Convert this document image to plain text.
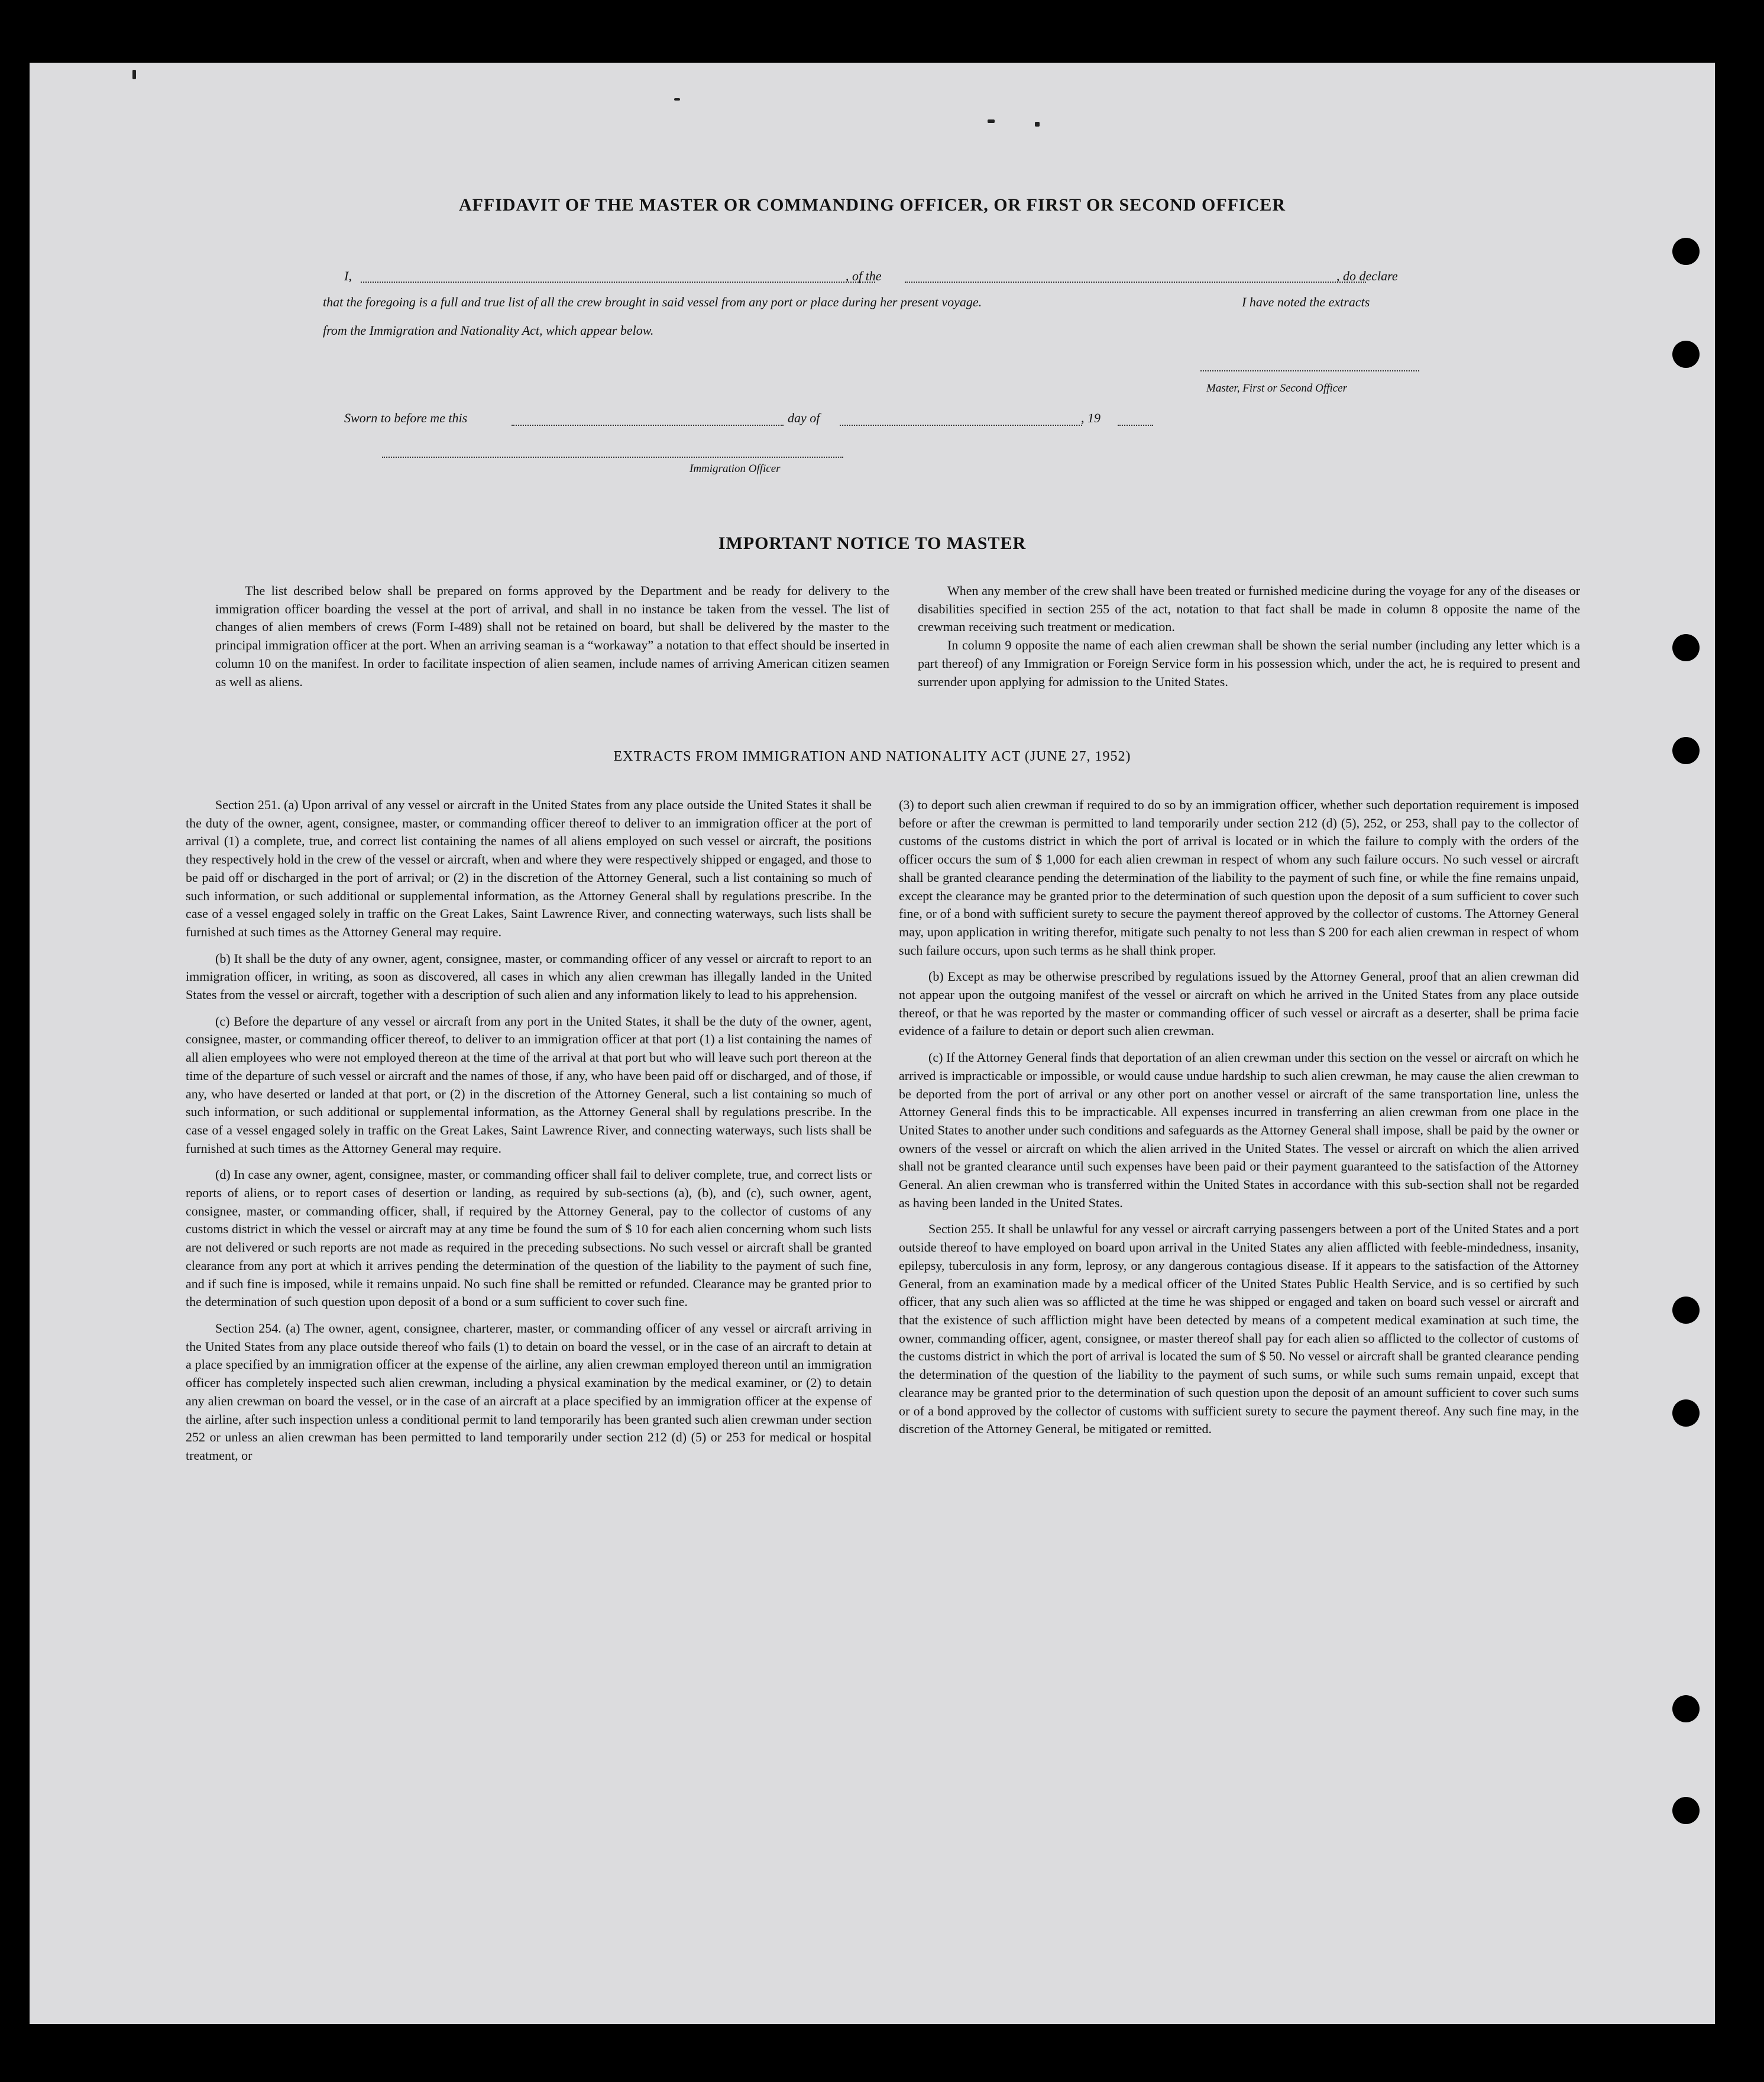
AFFIDAVIT OF THE MASTER OR COMMANDING OFFICER, OR FIRST OR SECOND OFFICER
I,	, of the	, do declare
that the foregoing is a full and true list of all the crew brought in said vessel from any port or place during her present voyage.	I have noted the extracts
from the Immigration and Nationality Act, which appear below.
Master, First or Second Officer
Sworn to before me this	day of	, 19
Immigration Officer
IMPORTANT NOTICE TO MASTER

The list described below shall be prepared on forms approved by the Department and be ready for delivery to the immigration officer boarding the vessel at the port of arrival, and shall in no instance be taken from the vessel. The list of changes of alien members of crews (Form I-489) shall not be retained on board, but shall be delivered by the master to the principal immigration officer at the port. When an arriving seaman is a “workaway” a notation to that effect should be inserted in column 10 on the manifest. In order to facilitate inspection of alien seamen, include names of arriving American citizen seamen as well as aliens.

When any member of the crew shall have been treated or furnished medicine during the voyage for any of the diseases or disabilities specified in section 255 of the act, notation to that fact shall be made in column 8 opposite the name of the crewman receiving such treatment or medication.

In column 9 opposite the name of each alien crewman shall be shown the serial number (including any letter which is a part thereof) of any Immigration or Foreign Service form in his possession which, under the act, he is required to present and surrender upon applying for admission to the United States.

EXTRACTS FROM IMMIGRATION AND NATIONALITY ACT (JUNE 27, 1952)

Section 251. (a) Upon arrival of any vessel or aircraft in the United States from any place outside the United States it shall be the duty of the owner, agent, consignee, master, or commanding officer thereof to deliver to an immigration officer at the port of arrival (1) a complete, true, and correct list containing the names of all aliens employed on such vessel or aircraft, the positions they respectively hold in the crew of the vessel or aircraft, when and where they were respectively shipped or engaged, and those to be paid off or discharged in the port of arrival; or (2) in the discretion of the Attorney General, such a list containing so much of such information, or such additional or supplemental information, as the Attorney General shall by regulations prescribe. In the case of a vessel engaged solely in traffic on the Great Lakes, Saint Lawrence River, and connecting waterways, such lists shall be furnished at such times as the Attorney General may require.

(b) It shall be the duty of any owner, agent, consignee, master, or commanding officer of any vessel or aircraft to report to an immigration officer, in writing, as soon as discovered, all cases in which any alien crewman has illegally landed in the United States from the vessel or aircraft, together with a description of such alien and any information likely to lead to his apprehension.

(c) Before the departure of any vessel or aircraft from any port in the United States, it shall be the duty of the owner, agent, consignee, master, or commanding officer thereof, to deliver to an immigration officer at that port (1) a list containing the names of all alien employees who were not employed thereon at the time of the arrival at that port but who will leave such port thereon at the time of the departure of such vessel or aircraft and the names of those, if any, who have been paid off or discharged, and of those, if any, who have deserted or landed at that port, or (2) in the discretion of the Attorney General, such a list containing so much of such information, or such additional or supplemental information, as the Attorney General shall by regulations prescribe. In the case of a vessel engaged solely in traffic on the Great Lakes, Saint Lawrence River, and connecting waterways, such lists shall be furnished at such times as the Attorney General may require.

(d) In case any owner, agent, consignee, master, or commanding officer shall fail to deliver complete, true, and correct lists or reports of aliens, or to report cases of desertion or landing, as required by sub-sections (a), (b), and (c), such owner, agent, consignee, master, or commanding officer, shall, if required by the Attorney General, pay to the collector of customs of any customs district in which the vessel or aircraft may at any time be found the sum of $ 10 for each alien concerning whom such lists are not delivered or such reports are not made as required in the preceding subsections. No such vessel or aircraft shall be granted clearance from any port at which it arrives pending the determination of the question of the liability to the payment of such fine, and if such fine is imposed, while it remains unpaid. No such fine shall be remitted or refunded. Clearance may be granted prior to the determination of such question upon deposit of a bond or a sum sufficient to cover such fine.

Section 254. (a) The owner, agent, consignee, charterer, master, or commanding officer of any vessel or aircraft arriving in the United States from any place outside thereof who fails (1) to detain on board the vessel, or in the case of an aircraft to detain at a place specified by an immigration officer at the expense of the airline, any alien crewman employed thereon until an immigration officer has completely inspected such alien crewman, including a physical examination by the medical examiner, or (2) to detain any alien crewman on board the vessel, or in the case of an aircraft at a place specified by an immigration officer at the expense of the airline, after such inspection unless a conditional permit to land temporarily has been granted such alien crewman under section 252 or unless an alien crewman has been permitted to land temporarily under section 212 (d) (5) or 253 for medical or hospital treatment, or

(3) to deport such alien crewman if required to do so by an immigration officer, whether such deportation requirement is imposed before or after the crewman is permitted to land temporarily under section 212 (d) (5), 252, or 253, shall pay to the collector of customs of the customs district in which the port of arrival is located or in which the failure to comply with the orders of the officer occurs the sum of $ 1,000 for each alien crewman in respect of whom any such failure occurs. No such vessel or aircraft shall be granted clearance pending the determination of the liability to the payment of such fine, or while the fine remains unpaid, except the clearance may be granted prior to the determination of such question upon the deposit of a sum sufficient to cover such fine, or of a bond with sufficient surety to secure the payment thereof approved by the collector of customs. The Attorney General may, upon application in writing therefor, mitigate such penalty to not less than $ 200 for each alien crewman in respect of whom such failure occurs, upon such terms as he shall think proper.

(b) Except as may be otherwise prescribed by regulations issued by the Attorney General, proof that an alien crewman did not appear upon the outgoing manifest of the vessel or aircraft on which he arrived in the United States from any place outside thereof, or that he was reported by the master or commanding officer of such vessel or aircraft as a deserter, shall be prima facie evidence of a failure to detain or deport such alien crewman.

(c) If the Attorney General finds that deportation of an alien crewman under this section on the vessel or aircraft on which he arrived is impracticable or impossible, or would cause undue hardship to such alien crewman, he may cause the alien crewman to be deported from the port of arrival or any other port on another vessel or aircraft of the same transportation line, unless the Attorney General finds this to be impracticable. All expenses incurred in transferring an alien crewman from one place in the United States to another under such conditions and safeguards as the Attorney General shall impose, shall be paid by the owner or owners of the vessel or aircraft on which the alien arrived in the United States. The vessel or aircraft on which the alien arrived shall not be granted clearance until such expenses have been paid or their payment guaranteed to the satisfaction of the Attorney General. An alien crewman who is transferred within the United States in accordance with this sub-section shall not be regarded as having been landed in the United States.

Section 255. It shall be unlawful for any vessel or aircraft carrying passengers between a port of the United States and a port outside thereof to have employed on board upon arrival in the United States any alien afflicted with feeble-mindedness, insanity, epilepsy, tuberculosis in any form, leprosy, or any dangerous contagious disease. If it appears to the satisfaction of the Attorney General, from an examination made by a medical officer of the United States Public Health Service, and is so certified by such officer, that any such alien was so afflicted at the time he was shipped or engaged and taken on board such vessel or aircraft and that the existence of such affliction might have been detected by means of a competent medical examination at such time, the owner, commanding officer, agent, consignee, or master thereof shall pay for each alien so afflicted to the collector of customs of the customs district in which the port of arrival is located the sum of $ 50. No vessel or aircraft shall be granted clearance pending the determination of the question of the liability to the payment of such sums, or while such sums remain unpaid, except that clearance may be granted prior to the determination of such question upon the deposit of an amount sufficient to cover such sums or of a bond approved by the collector of customs with sufficient surety to secure the payment thereof. Any such fine may, in the discretion of the Attorney General, be mitigated or remitted.
